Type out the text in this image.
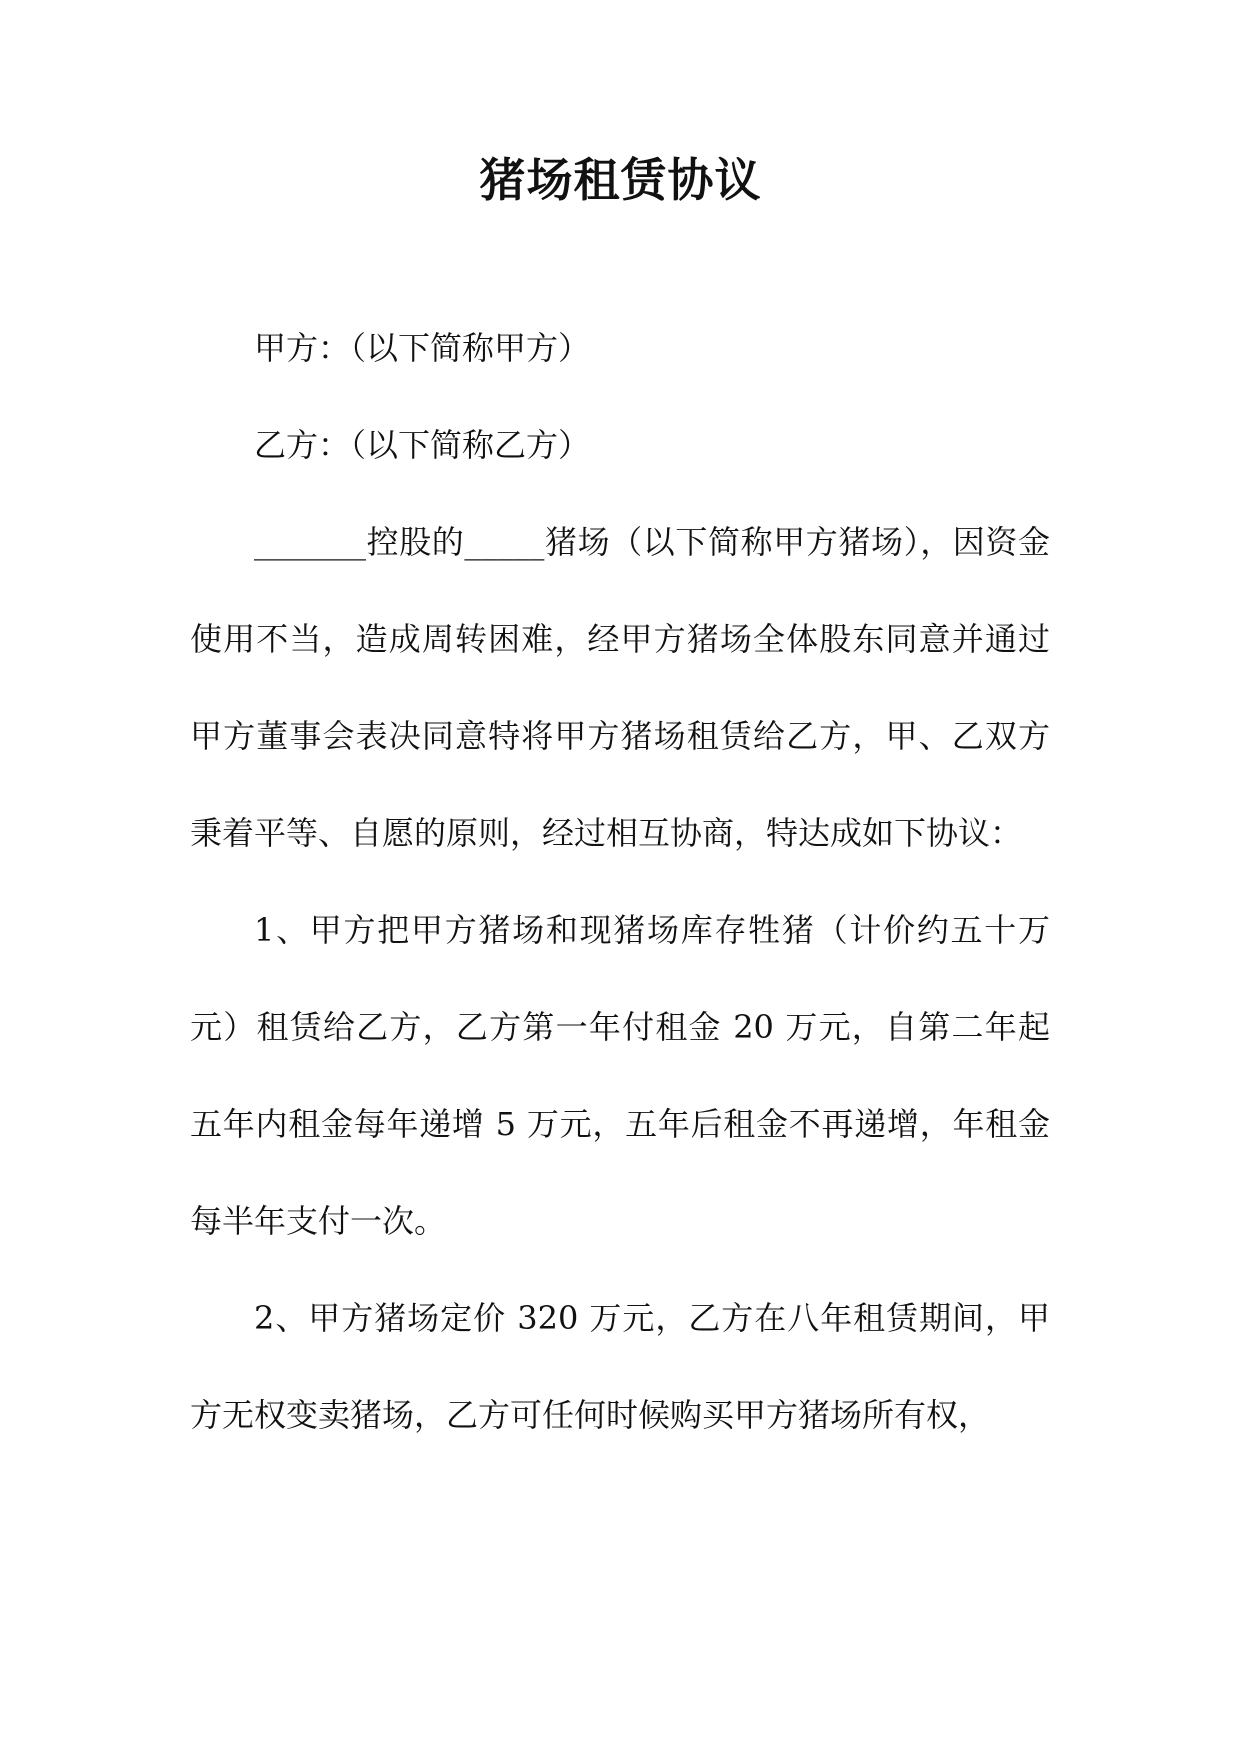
猪场租赁协议

甲方：（以下简称甲方）

乙方：（以下简称乙方）

_______控股的_____猪场（以下简称甲方猪场），因资金使用不当，造成周转困难，经甲方猪场全体股东同意并通过甲方董事会表决同意特将甲方猪场租赁给乙方，甲、乙双方秉着平等、自愿的原则，经过相互协商，特达成如下协议：

1、甲方把甲方猪场和现猪场库存牲猪（计价约五十万元）租赁给乙方，乙方第一年付租金 20 万元，自第二年起五年内租金每年递增 5 万元，五年后租金不再递增，年租金每半年支付一次。

2、甲方猪场定价 320 万元，乙方在八年租赁期间，甲方无权变卖猪场，乙方可任何时候购买甲方猪场所有权，
